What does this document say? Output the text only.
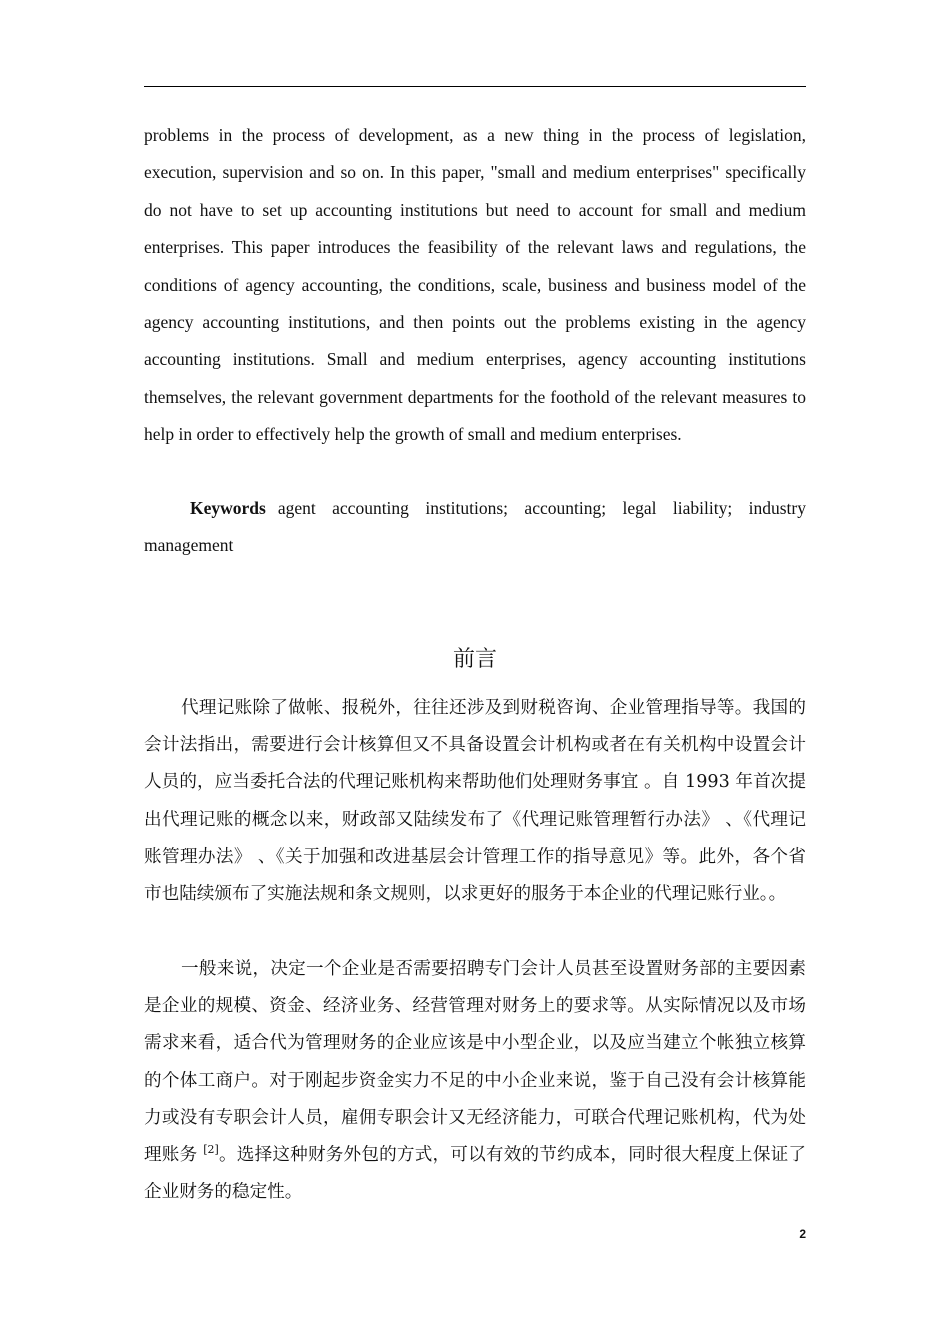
problems in the process of development, as a new thing in the process of legislation, execution, supervision and so on. In this paper, "small and medium enterprises" specifically do not have to set up accounting institutions but need to account for small and medium enterprises. This paper introduces the feasibility of the relevant laws and regulations, the conditions of agency accounting, the conditions, scale, business and business model of the agency accounting institutions, and then points out the problems existing in the agency accounting institutions. Small and medium enterprises, agency accounting institutions themselves, the relevant government departments for the foothold of the relevant measures to help in order to effectively help the growth of small and medium enterprises.

Keywords agent accounting institutions; accounting; legal liability; industry management

前言

代理记账除了做帐、报税外，往往还涉及到财税咨询、企业管理指导等。我国的会计法指出，需要进行会计核算但又不具备设置会计机构或者在有关机构中设置会计人员的，应当委托合法的代理记账机构来帮助他们处理财务事宜 。自 1993 年首次提出代理记账的概念以来，财政部又陆续发布了《代理记账管理暂行办法》 、《代理记账管理办法》 、《关于加强和改进基层会计管理工作的指导意见》等。此外，各个省市也陆续颁布了实施法规和条文规则，以求更好的服务于本企业的代理记账行业。。

一般来说，决定一个企业是否需要招聘专门会计人员甚至设置财务部的主要因素是企业的规模、资金、经济业务、经营管理对财务上的要求等。从实际情况以及市场需求来看，适合代为管理财务的企业应该是中小型企业，以及应当建立个帐独立核算的个体工商户。对于刚起步资金实力不足的中小企业来说，鉴于自己没有会计核算能力或没有专职会计人员，雇佣专职会计又无经济能力，可联合代理记账机构，代为处理账务 [2]。选择这种财务外包的方式，可以有效的节约成本，同时很大程度上保证了企业财务的稳定性。

2
